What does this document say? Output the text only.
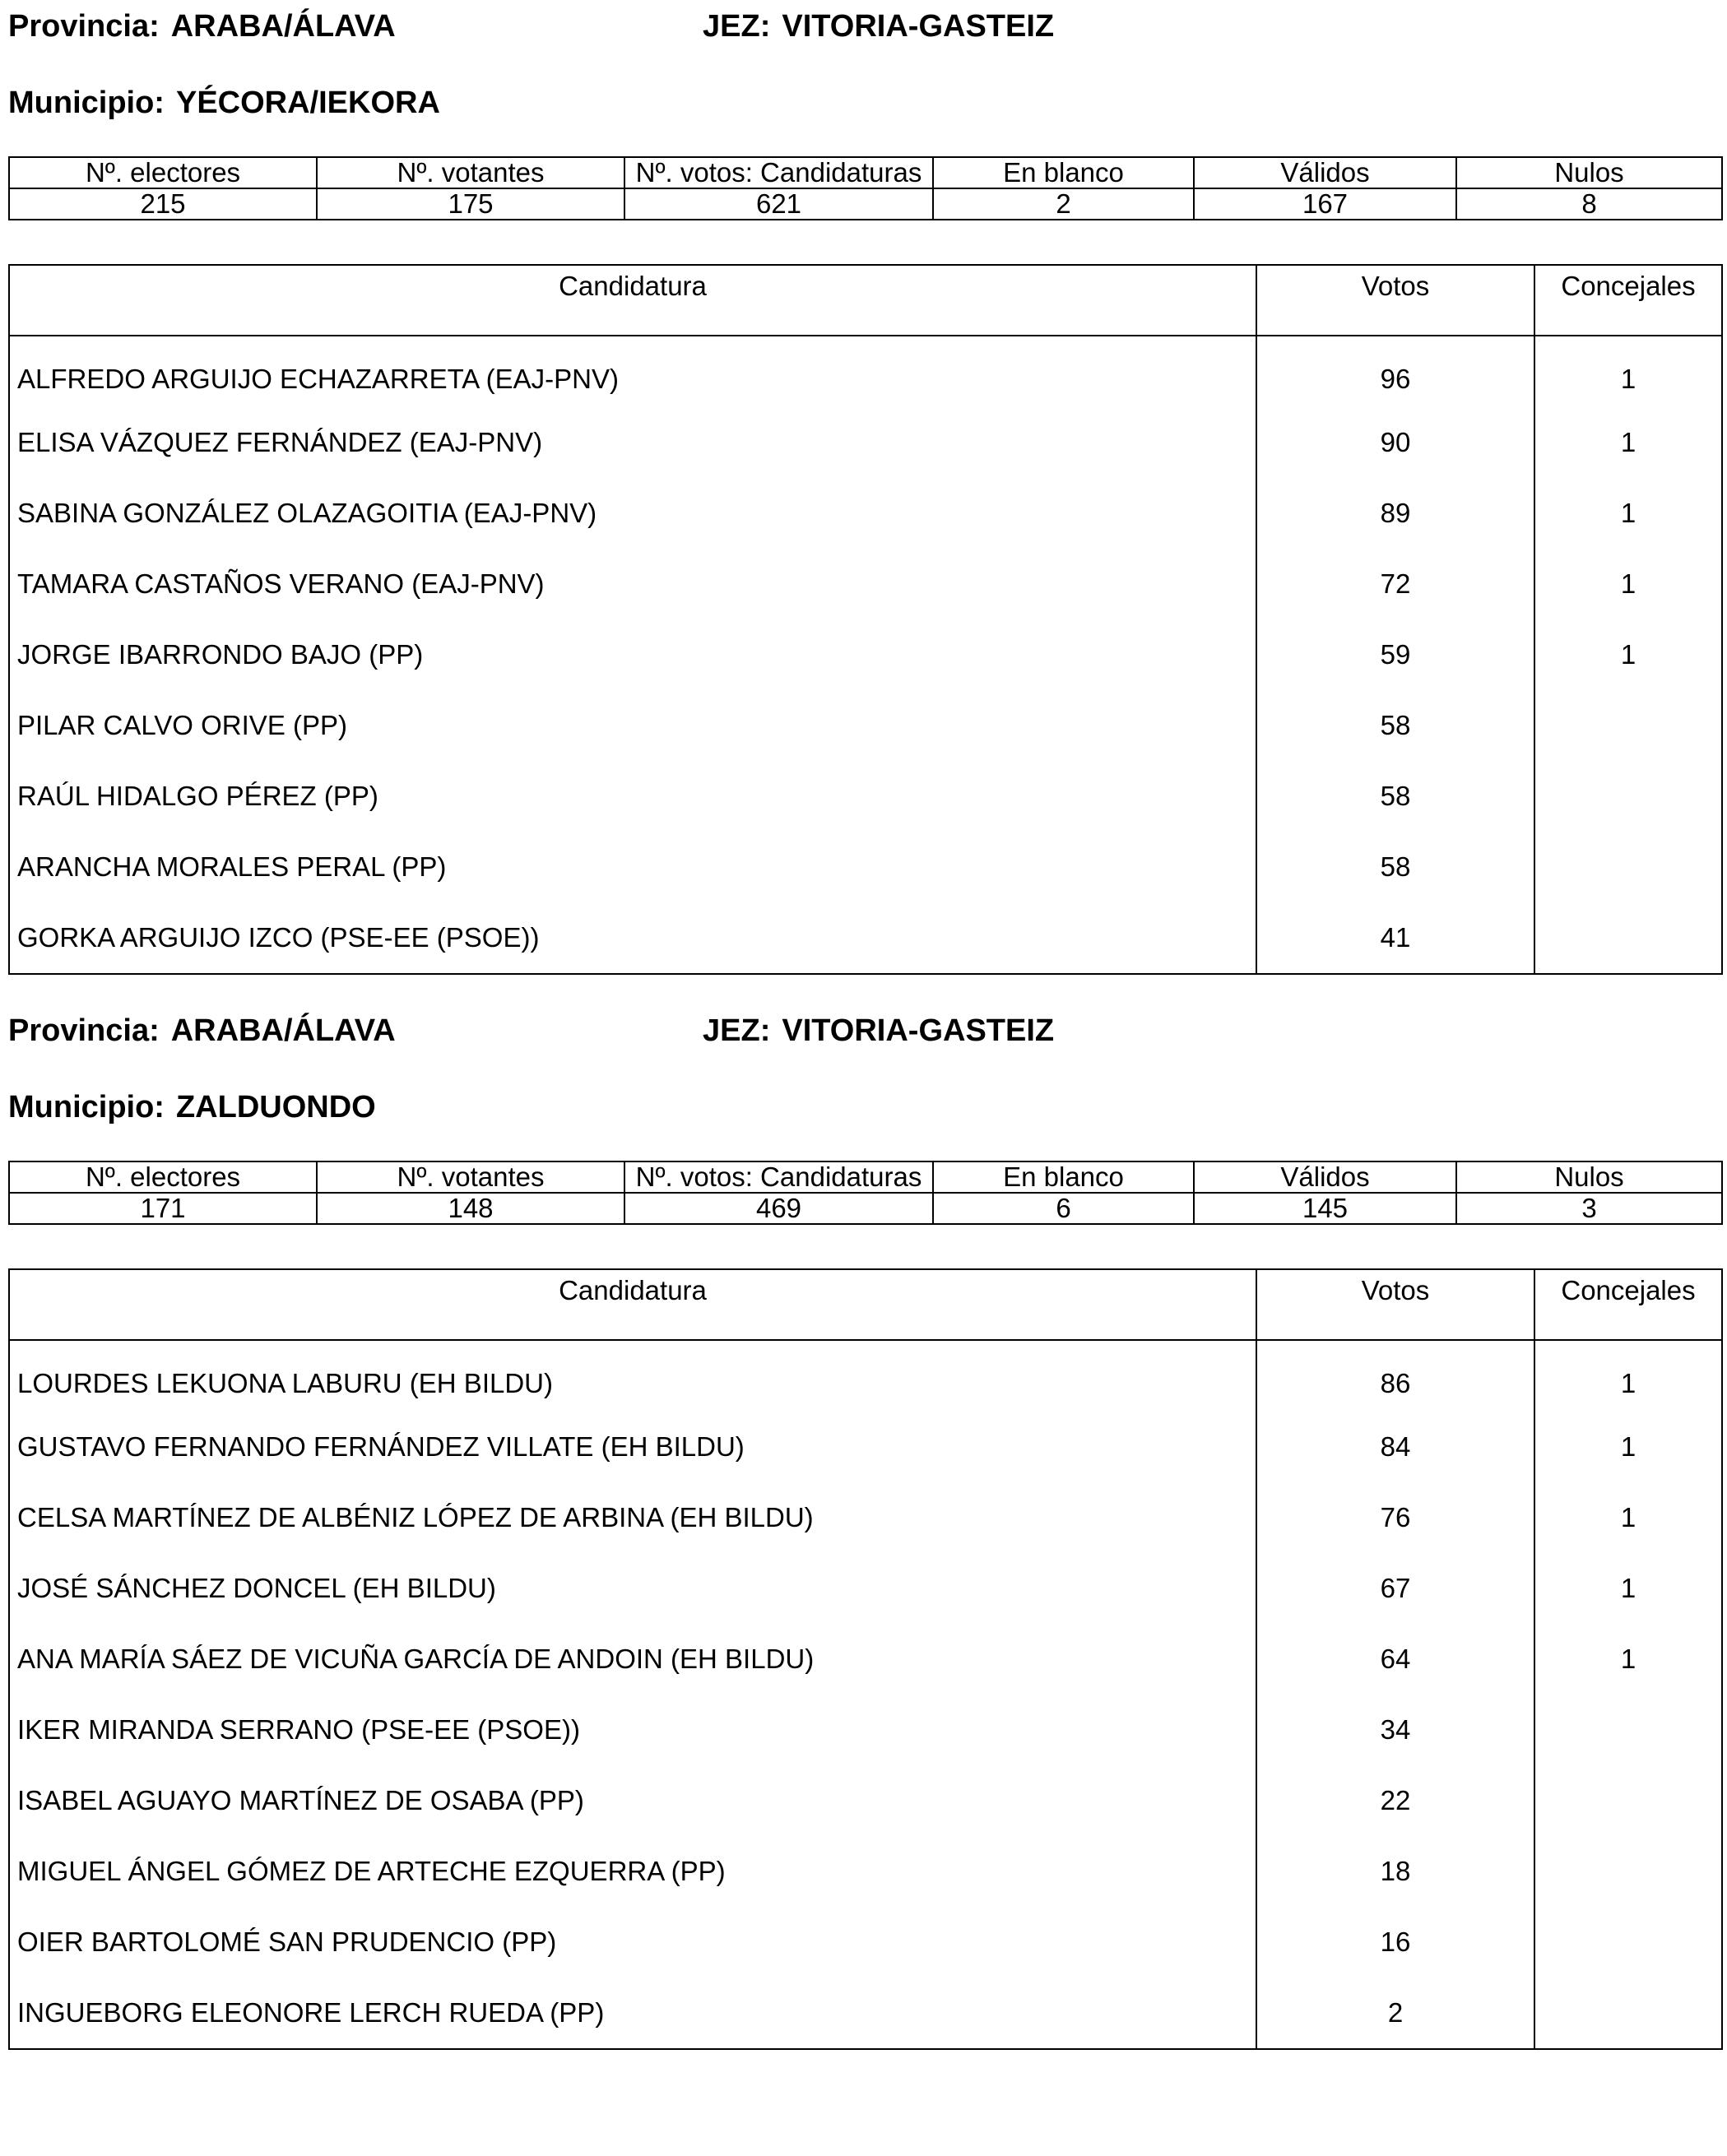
Provincia: ARABA/ÁLAVA	JEZ: VITORIA-GASTEIZ
Municipio: YÉCORA/IEKORA
Nº. electores	Nº. votantes	Nº. votos: Candidaturas	En blanco	Válidos	Nulos
215	175	621	2	167	8
Candidatura	Votos	Concejales
ALFREDO ARGUIJO ECHAZARRETA (EAJ-PNV)	96	1
ELISA VÁZQUEZ FERNÁNDEZ (EAJ-PNV)	90	1
SABINA GONZÁLEZ OLAZAGOITIA (EAJ-PNV)	89	1
TAMARA CASTAÑOS VERANO (EAJ-PNV)	72	1
JORGE IBARRONDO BAJO (PP)	59	1
PILAR CALVO ORIVE (PP)	58	
RAÚL HIDALGO PÉREZ (PP)	58	
ARANCHA MORALES PERAL (PP)	58	
GORKA ARGUIJO IZCO (PSE-EE (PSOE))	41	
Provincia: ARABA/ÁLAVA	JEZ: VITORIA-GASTEIZ
Municipio: ZALDUONDO
Nº. electores	Nº. votantes	Nº. votos: Candidaturas	En blanco	Válidos	Nulos
171	148	469	6	145	3
Candidatura	Votos	Concejales
LOURDES LEKUONA LABURU (EH BILDU)	86	1
GUSTAVO FERNANDO FERNÁNDEZ VILLATE (EH BILDU)	84	1
CELSA MARTÍNEZ DE ALBÉNIZ LÓPEZ DE ARBINA (EH BILDU)	76	1
JOSÉ SÁNCHEZ DONCEL (EH BILDU)	67	1
ANA MARÍA SÁEZ DE VICUÑA GARCÍA DE ANDOIN (EH BILDU)	64	1
IKER MIRANDA SERRANO (PSE-EE (PSOE))	34	
ISABEL AGUAYO MARTÍNEZ DE OSABA (PP)	22	
MIGUEL ÁNGEL GÓMEZ DE ARTECHE EZQUERRA (PP)	18	
OIER BARTOLOMÉ SAN PRUDENCIO (PP)	16	
INGUEBORG ELEONORE LERCH RUEDA (PP)	2	
